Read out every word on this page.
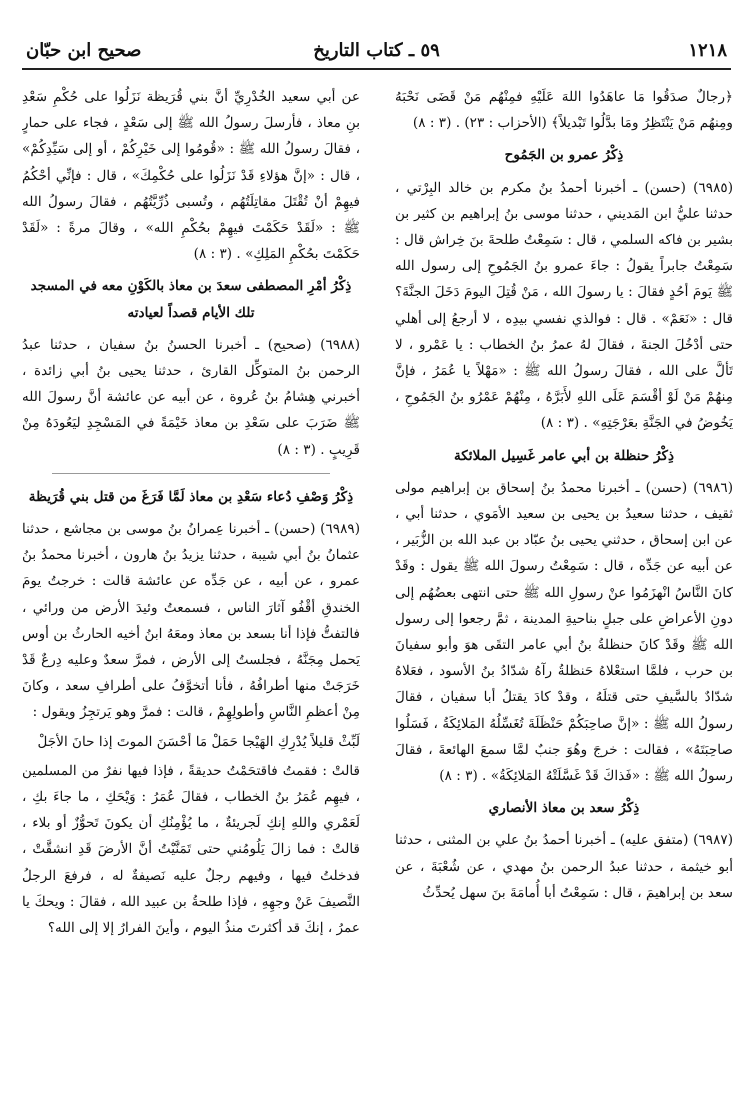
١٢١٨
٥٩ ـ كتاب التاريخ
صحيح ابن حبّان

﴿رجالٌ صدَقُوا مَا عاهَدُوا اللهَ عَلَيْهِ فمِنْهُم مَنْ قَضَى نَحْبَهُ ومِنهُم مَنْ يَنْتَظِرُ ومَا بدَّلُوا تَبْديلاً﴾ (الأحزاب : ٢٣) . (٣ : ٨)

ذِكْرُ عمرو بن الجَمُوح

(٦٩٨٥) (حسن) ـ أخبرنا أحمدُ بنُ مكرم بن خالد البِرْتي ، حدثنا عليُّ ابن المَديني ، حدثنا موسى بنُ إبراهيم بن كثير بن بشير بن فاكه السلمي ، قال : سَمِعْتُ طلحةَ بنَ خِراش قال : سَمِعْتُ جابراً يقولُ : جاءَ عمرو بنُ الجَمُوحِ إلى رسول الله ﷺ يَومَ أحُدٍ فقالَ : يا رسولَ الله ، مَنْ قُتِلَ اليومَ دَخَلَ الجنَّةَ؟ قال : «نَعَمْ» . قال : فوالذي نفسي بيدِه ، لا أرجعُ إلى أهلي حتى أدْخُلَ الجنةَ ، فقالَ لهُ عمرُ بنُ الخطاب : يا عَمْرو ، لا تَألَّ على الله ، فقالَ رسولُ الله ﷺ : «مَهْلاً يا عُمَرُ ، فإنَّ مِنهُمْ مَنْ لَوْ أقْسَمَ عَلَى اللهِ لأَبَرَّهُ ، مِنْهُمْ عَمْرُو بنُ الجَمُوحِ ، يَخُوضُ في الجَنَّةِ بعَرْجَتِهِ» . (٣ : ٨)

ذِكْرُ حنظلة بن أبي عامر غَسِيل الملائكة

(٦٩٨٦) (حسن) ـ أخبرنا محمدُ بنُ إسحاق بن إبراهيم مولى ثقيف ، حدثنا سعيدُ بن يحيى بن سعيد الأمَوي ، حدثنا أبي ، عن ابن إسحاق ، حدثني يحيى بنُ عبّاد بن عبد الله بن الزُّبَير ، عن أبيه عن جَدِّه ، قال : سَمِعْتُ رسولَ الله ﷺ يقول : وقَدْ كانَ النَّاسُ انْهزَمُوا عنْ رسولِ الله ﷺ حتى انتهى بعضُهُم إلى دونِ الأعراضِ على جبلٍ بناحيةِ المدينة ، ثمَّ رجعوا إلى رسول الله ﷺ وقَدْ كانَ حنظلةُ بنُ أبي عامر التقَى هوَ وأبو سفيانَ بن حرب ، فلمَّا استعْلاهُ حَنظلةُ رآهُ شدّادُ بنُ الأسود ، فعَلاهُ شدّادٌ بالسَّيفِ حتى قتلَهُ ، وقدْ كادَ يقتلُ أبا سفيان ، فقالَ رسولُ الله ﷺ : «إنَّ صاحِبَكُمْ حَنْظَلَةَ تُغَسِّلُهُ المَلائِكَةُ ، فَسَلُوا صاحِبَتَهُ» ، فقالت : خرجَ وهُوَ جنبٌ لمَّا سمعَ الهائعةَ ، فقالَ رسولُ الله ﷺ : «فَذاكَ قَدْ غَسَّلَتْهُ المَلائِكَةُ» . (٣ : ٨)

ذِكْرُ سعد بن معاذ الأنصاري

(٦٩٨٧) (متفق عليه) ـ أخبرنا أحمدُ بنُ علي بن المثنى ، حدثنا أبو خيثمة ، حدثنا عبدُ الرحمن بنُ مهدي ، عن شُعْبَةَ ، عن سعد بن إبراهيمَ ، قال : سَمِعْتُ أبا أُمامَةَ بنَ سهل يُحدِّثُ

عن أبي سعيد الخُدْرِيِّ أنَّ بني قُرَيظة نَزَلُوا على حُكْمِ سَعْدِ بنِ معاذ ، فأرسلَ رسولُ الله ﷺ إلى سَعْدٍ ، فجاء على حمارٍ ، فقالَ رسولُ الله ﷺ : «قُومُوا إلى خَيْرِكُمْ ، أو إلى سَيِّدِكُمْ» ، قال : «إنَّ هؤلاءِ قَدْ نَزَلُوا على حُكْمِكَ» ، قال : فإنِّي أحْكُمُ فيهِمْ أنْ تُقْتَلَ مقاتِلَتُهُم ، وتُسبى ذُرِّيَّتُهُم ، فقالَ رسولُ الله ﷺ : «لَقَدْ حَكَمْتَ فيهِمْ بحُكْمِ الله» ، وقالَ مرةً : «لَقَدْ حَكَمْتَ بحُكْمِ المَلِكِ» . (٣ : ٨)

ذِكْرُ أمْرِ المصطفى سعدَ بن معاذ بالكَوْنِ معه في المسجد تلك الأيام قصداً لعيادته

(٦٩٨٨) (صحيح) ـ أخبرنا الحسنُ بنُ سفيان ، حدثنا عبدُ الرحمن بنُ المتوكِّل القارئ ، حدثنا يحيى بنُ أبي زائدة ، أخبرني هِشامُ بنُ عُروة ، عن أبيه عن عائشة أنَّ رسولَ الله ﷺ ضَرَبَ على سَعْدِ بن معاذ خَيْمَةً في المَسْجِدِ ليَعُودَهُ مِنْ قَرِيبٍ . (٣ : ٨)

ذِكْرُ وَصْفِ دُعاء سَعْدِ بن معاذ لَمَّا فَرَغَ من قتل بني قُرَيظة

(٦٩٨٩) (حسن) ـ أخبرنا عِمرانُ بنُ موسى بن مجاشع ، حدثنا عثمانُ بنُ أبي شيبة ، حدثنا يزيدُ بنُ هارون ، أخبرنا محمدُ بنُ عمرو ، عن أبيه ، عن جَدِّه عن عائشة قالت : خرجتُ يومَ الخندقِ أقْفُو آثارَ الناس ، فسمعتُ وئيدَ الأرض من ورائي ، فالتفتُّ فإذا أنا بسعد بن معاذ ومعَهُ ابنُ أخيه الحارثُ بن أوس يَحمل مِجَنَّهُ ، فجلستُ إلى الأرض ، فمرَّ سعدٌ وعليه دِرعٌ قَدْ خَرَجَتْ منها أطرافُهُ ، فأنا أتخوَّفُ على أطرافِ سعد ، وكانَ مِنْ أعظمِ النَّاسِ وأطولِهِمْ ، قالت : فمرَّ وهو يَرتجِزُ ويقول :

لَبِّثْ قليلاً يُدْرِكِ الهَيْجا حَمَلْ مَا أحْسَنَ الموتَ إذا حانَ الأجَلْ

قالتْ : فقمتُ فاقتحَمْتُ حديقةً ، فإذا فيها نفرٌ من المسلمين ، فيهِم عُمَرُ بنُ الخطاب ، فقالَ عُمَرُ : وَيْحَكِ ، ما جاءَ بكِ ، لَعَمْري واللهِ إنكِ لَجريئةٌ ، ما يُؤْمِنُكِ أن يكونَ تَحوُّزٌ أو بلاء ، قالتْ : فما زالَ يَلُومُني حتى تَمَنَّيْتُ أنَّ الأرضَ قَدِ انشقَّتْ ، فدخلتُ فيها ، وفيهم رجلٌ عليه نَصيفةٌ له ، فرفعَ الرجلُ النَّصيفَ عَنْ وجهِهِ ، فإذا طلحةُ بن عبيد الله ، فقالَ : ويحكَ يا عمرُ ، إنكَ قد أكثرتَ منذُ اليوم ، وأينَ الفرارُ إلا إلى الله؟
